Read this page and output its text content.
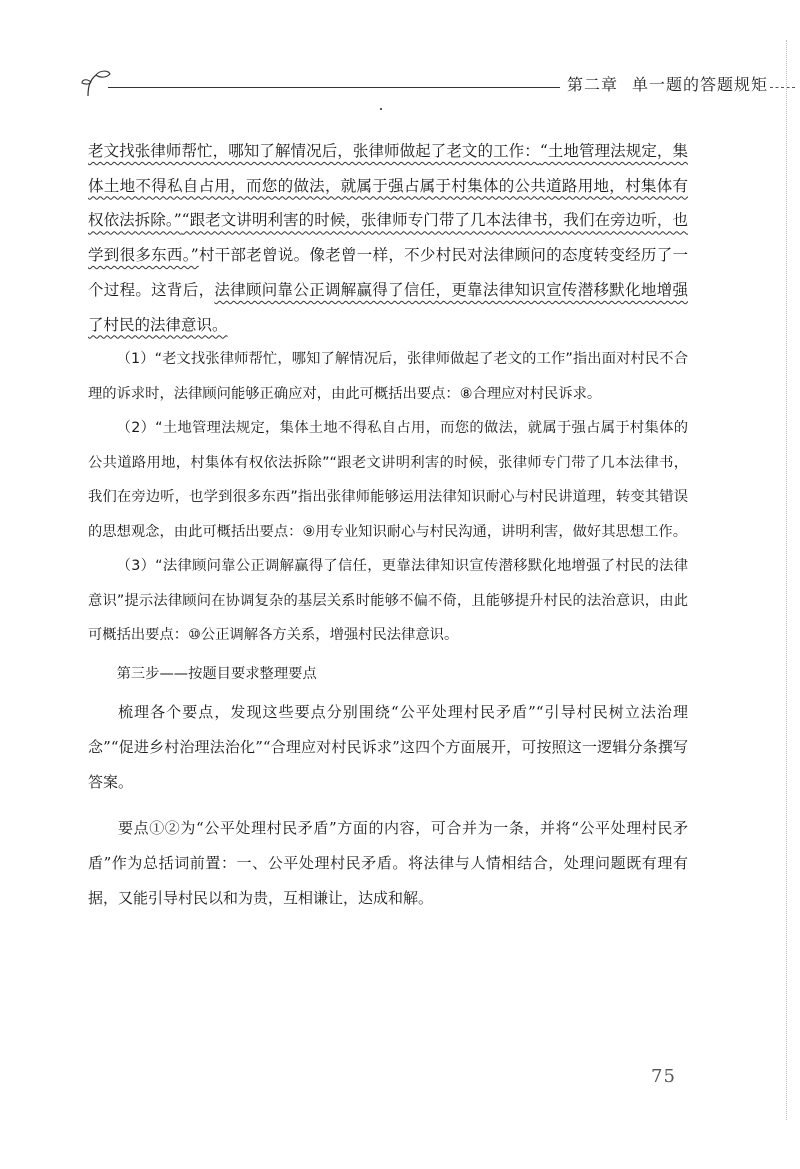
第二章 单一题的答题规矩
老文找张律师帮忙，哪知了解情况后，张律师做起了老文的工作：“土地管理法规定，集体土地不得私自占用，而您的做法，就属于强占属于村集体的公共道路用地，村集体有权依法拆除。”“跟老文讲明利害的时候，张律师专门带了几本法律书，我们在旁边听，也学到很多东西。”村干部老曾说。像老曾一样，不少村民对法律顾问的态度转变经历了一个过程。这背后，法律顾问靠公正调解赢得了信任，更靠法律知识宣传潜移默化地增强了村民的法律意识。

（1）“老文找张律师帮忙，哪知了解情况后，张律师做起了老文的工作”指出面对村民不合理的诉求时，法律顾问能够正确应对，由此可概括出要点：⑧合理应对村民诉求。

（2）“土地管理法规定，集体土地不得私自占用，而您的做法，就属于强占属于村集体的公共道路用地，村集体有权依法拆除”“跟老文讲明利害的时候，张律师专门带了几本法律书，我们在旁边听，也学到很多东西”指出张律师能够运用法律知识耐心与村民讲道理，转变其错误的思想观念，由此可概括出要点：⑨用专业知识耐心与村民沟通，讲明利害，做好其思想工作。

（3）“法律顾问靠公正调解赢得了信任，更靠法律知识宣传潜移默化地增强了村民的法律意识”提示法律顾问在协调复杂的基层关系时能够不偏不倚，且能够提升村民的法治意识，由此可概括出要点：⑩公正调解各方关系，增强村民法律意识。

第三步——按题目要求整理要点

梳理各个要点，发现这些要点分别围绕“公平处理村民矛盾”“引导村民树立法治理念”“促进乡村治理法治化”“合理应对村民诉求”这四个方面展开，可按照这一逻辑分条撰写答案。

要点①②为“公平处理村民矛盾”方面的内容，可合并为一条，并将“公平处理村民矛盾”作为总括词前置：一、公平处理村民矛盾。将法律与人情相结合，处理问题既有理有据，又能引导村民以和为贵，互相谦让，达成和解。

75
